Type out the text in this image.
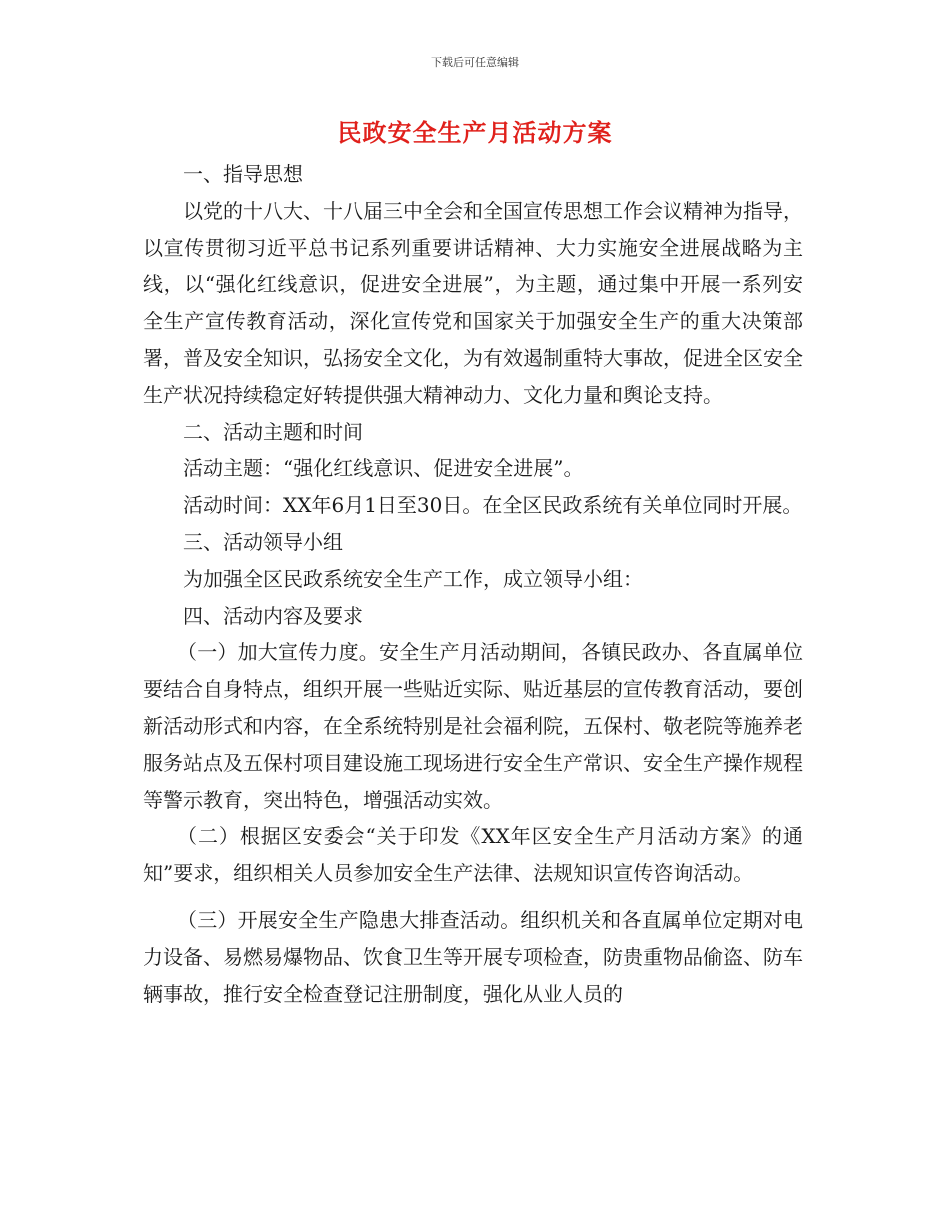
下载后可任意编辑
民政安全生产月活动方案

一、指导思想

以党的十八大、十八届三中全会和全国宣传思想工作会议精神为指导，以宣传贯彻习近平总书记系列重要讲话精神、大力实施安全进展战略为主线，以“强化红线意识，促进安全进展”，为主题，通过集中开展一系列安全生产宣传教育活动，深化宣传党和国家关于加强安全生产的重大决策部署，普及安全知识，弘扬安全文化，为有效遏制重特大事故，促进全区安全生产状况持续稳定好转提供强大精神动力、文化力量和舆论支持。

二、活动主题和时间

活动主题：“强化红线意识、促进安全进展”。

活动时间：XX年6月1日至30日。在全区民政系统有关单位同时开展。

三、活动领导小组

为加强全区民政系统安全生产工作，成立领导小组：

四、活动内容及要求

（一）加大宣传力度。安全生产月活动期间，各镇民政办、各直属单位要结合自身特点，组织开展一些贴近实际、贴近基层的宣传教育活动，要创新活动形式和内容，在全系统特别是社会福利院，五保村、敬老院等施养老服务站点及五保村项目建设施工现场进行安全生产常识、安全生产操作规程等警示教育，突出特色，增强活动实效。

（二）根据区安委会“关于印发《XX年区安全生产月活动方案》的通知”要求，组织相关人员参加安全生产法律、法规知识宣传咨询活动。

（三）开展安全生产隐患大排查活动。组织机关和各直属单位定期对电力设备、易燃易爆物品、饮食卫生等开展专项检查，防贵重物品偷盗、防车辆事故，推行安全检查登记注册制度，强化从业人员的
